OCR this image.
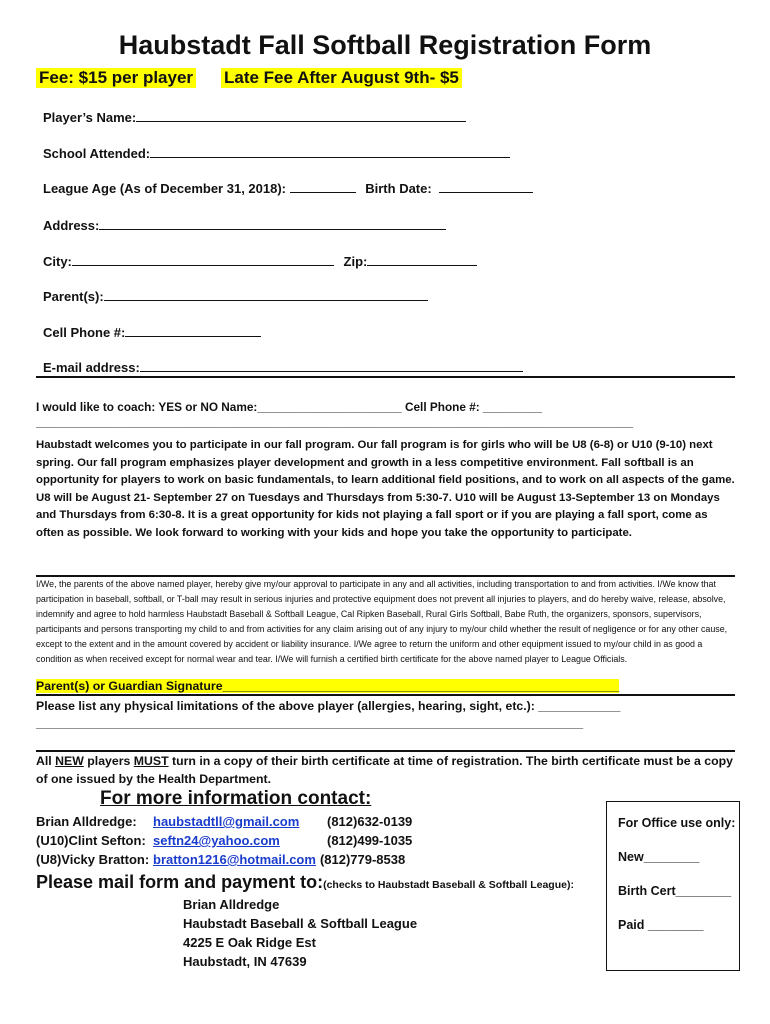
Haubstadt Fall Softball Registration Form
Fee: $15 per player Late Fee After August 9th- $5
Player’s Name:
School Attended:
League Age (As of December 31, 2018):	Birth Date:
Address:
City:	Zip:
Parent(s):
Cell Phone #:
E-mail address:
I would like to coach: YES or NO Name:______________________ Cell Phone #: _________
___________________________________________________________________________________________
Haubstadt welcomes you to participate in our fall program. Our fall program is for girls who will be U8 (6-8) or U10 (9-10) next spring. Our fall program emphasizes player development and growth in a less competitive environment. Fall softball is an opportunity for players to work on basic fundamentals, to learn additional field positions, and to work on all aspects of the game. U8 will be August 21- September 27 on Tuesdays and Thursdays from 5:30-7. U10 will be August 13-September 13 on Mondays and Thursdays from 6:30-8. It is a great opportunity for kids not playing a fall sport or if you are playing a fall sport, come as often as possible. We look forward to working with your kids and hope you take the opportunity to participate.
I/We, the parents of the above named player, hereby give my/our approval to participate in any and all activities, including transportation to and from activities. I/We know that participation in baseball, softball, or T-ball may result in serious injuries and protective equipment does not prevent all injuries to players, and do hereby waive, release, absolve, indemnify and agree to hold harmless Haubstadt Baseball & Softball League, Cal Ripken Baseball, Rural Girls Softball, Babe Ruth, the organizers, sponsors, supervisors, participants and persons transporting my child to and from activities for any claim arising out of any injury to my/our child whether the result of negligence or for any other cause, except to the extent and in the amount covered by accident or liability insurance. I/We agree to return the uniform and other equipment issued to my/our child in as good a condition as when received except for normal wear and tear. I/We will furnish a certified birth certificate for the above named player to League Officials.
Parent(s) or Guardian Signature__________________________________________________________
Please list any physical limitations of the above player (allergies, hearing, sight, etc.): ____________
________________________________________________________________________________
All NEW players MUST turn in a copy of their birth certificate at time of registration. The birth certificate must be a copy of one issued by the Health Department.
For more information contact:
Brian Alldredge: haubstadtll@gmail.com (812)632-0139
(U10)Clint Sefton: seftn24@yahoo.com	(812)499-1035
(U8)Vicky Bratton: bratton1216@hotmail.com (812)779-8538
Please mail form and payment to:(checks to Haubstadt Baseball & Softball League):
Brian Alldredge
Haubstadt Baseball & Softball League
4225 E Oak Ridge Est
Haubstadt, IN 47639
For Office use only:
New________
Birth Cert________
Paid ________
